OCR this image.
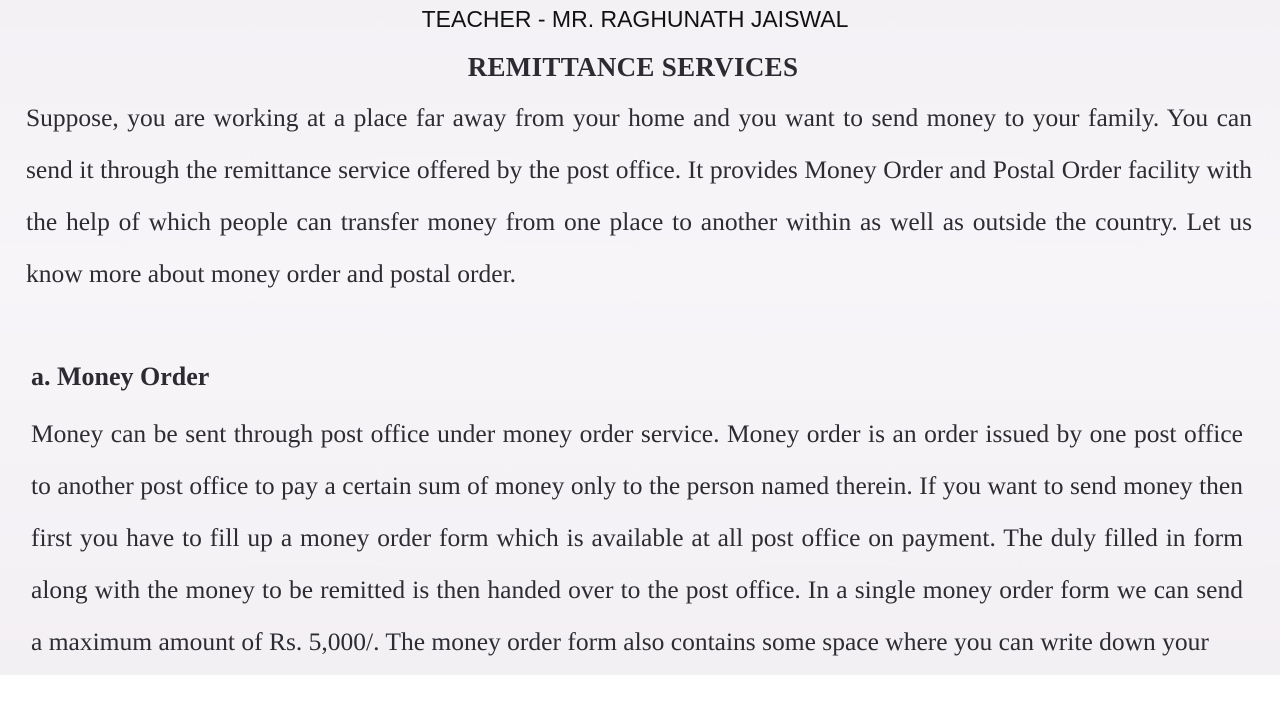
TEACHER - MR. RAGHUNATH JAISWAL
REMITTANCE SERVICES

Suppose, you are working at a place far away from your home and you want to send money to your family. You can send it through the remittance service offered by the post office. It provides Money Order and Postal Order facility with the help of which people can transfer money from one place to another within as well as outside the country. Let us know more about money order and postal order.

a. Money Order

Money can be sent through post office under money order service. Money order is an order issued by one post office to another post office to pay a certain sum of money only to the person named therein. If you want to send money then first you have to fill up a money order form which is available at all post office on payment. The duly filled in form along with the money to be remitted is then handed over to the post office. In a single money order form we can send a maximum amount of Rs. 5,000/. The money order form also contains some space where you can write down your
